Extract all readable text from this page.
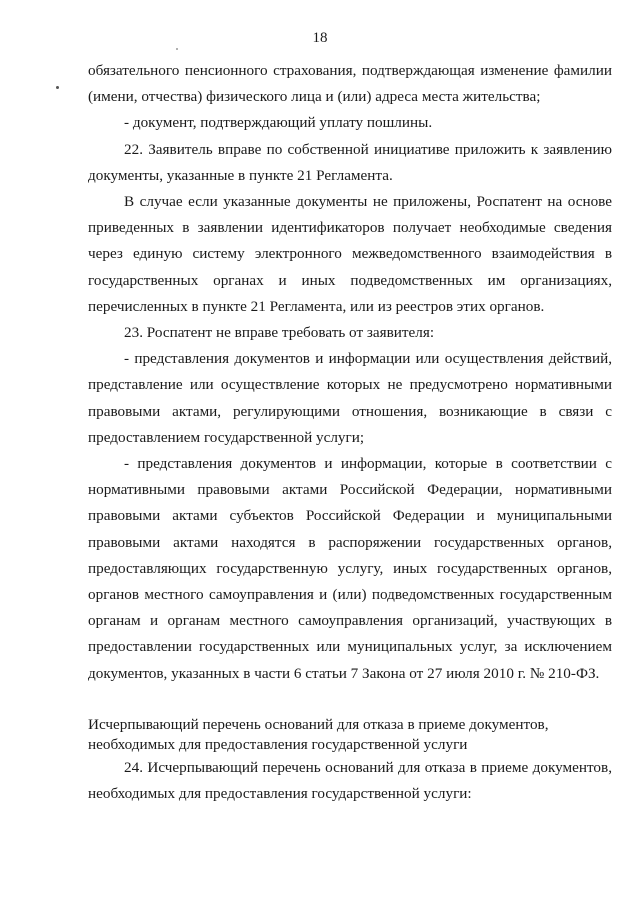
18

обязательного пенсионного страхования, подтверждающая изменение фамилии (имени, отчества) физического лица и (или) адреса места жительства;

- документ, подтверждающий уплату пошлины.

22. Заявитель вправе по собственной инициативе приложить к заявлению документы, указанные в пункте 21 Регламента.

В случае если указанные документы не приложены, Роспатент на основе приведенных в заявлении идентификаторов получает необходимые сведения через единую систему электронного межведомственного взаимодействия в государственных органах и иных подведомственных им организациях, перечисленных в пункте 21 Регламента, или из реестров этих органов.

23. Роспатент не вправе требовать от заявителя:

- представления документов и информации или осуществления действий, представление или осуществление которых не предусмотрено нормативными правовыми актами, регулирующими отношения, возникающие в связи с предоставлением государственной услуги;

- представления документов и информации, которые в соответствии с нормативными правовыми актами Российской Федерации, нормативными правовыми актами субъектов Российской Федерации и муниципальными правовыми актами находятся в распоряжении государственных органов, предоставляющих государственную услугу, иных государственных органов, органов местного самоуправления и (или) подведомственных государственным органам и органам местного самоуправления организаций, участвующих в предоставлении государственных или муниципальных услуг, за исключением документов, указанных в части 6 статьи 7 Закона от 27 июля 2010 г. № 210-ФЗ.

Исчерпывающий перечень оснований для отказа в приеме документов,

необходимых для предоставления государственной услуги

24. Исчерпывающий перечень оснований для отказа в приеме документов, необходимых для предоставления государственной услуги:
